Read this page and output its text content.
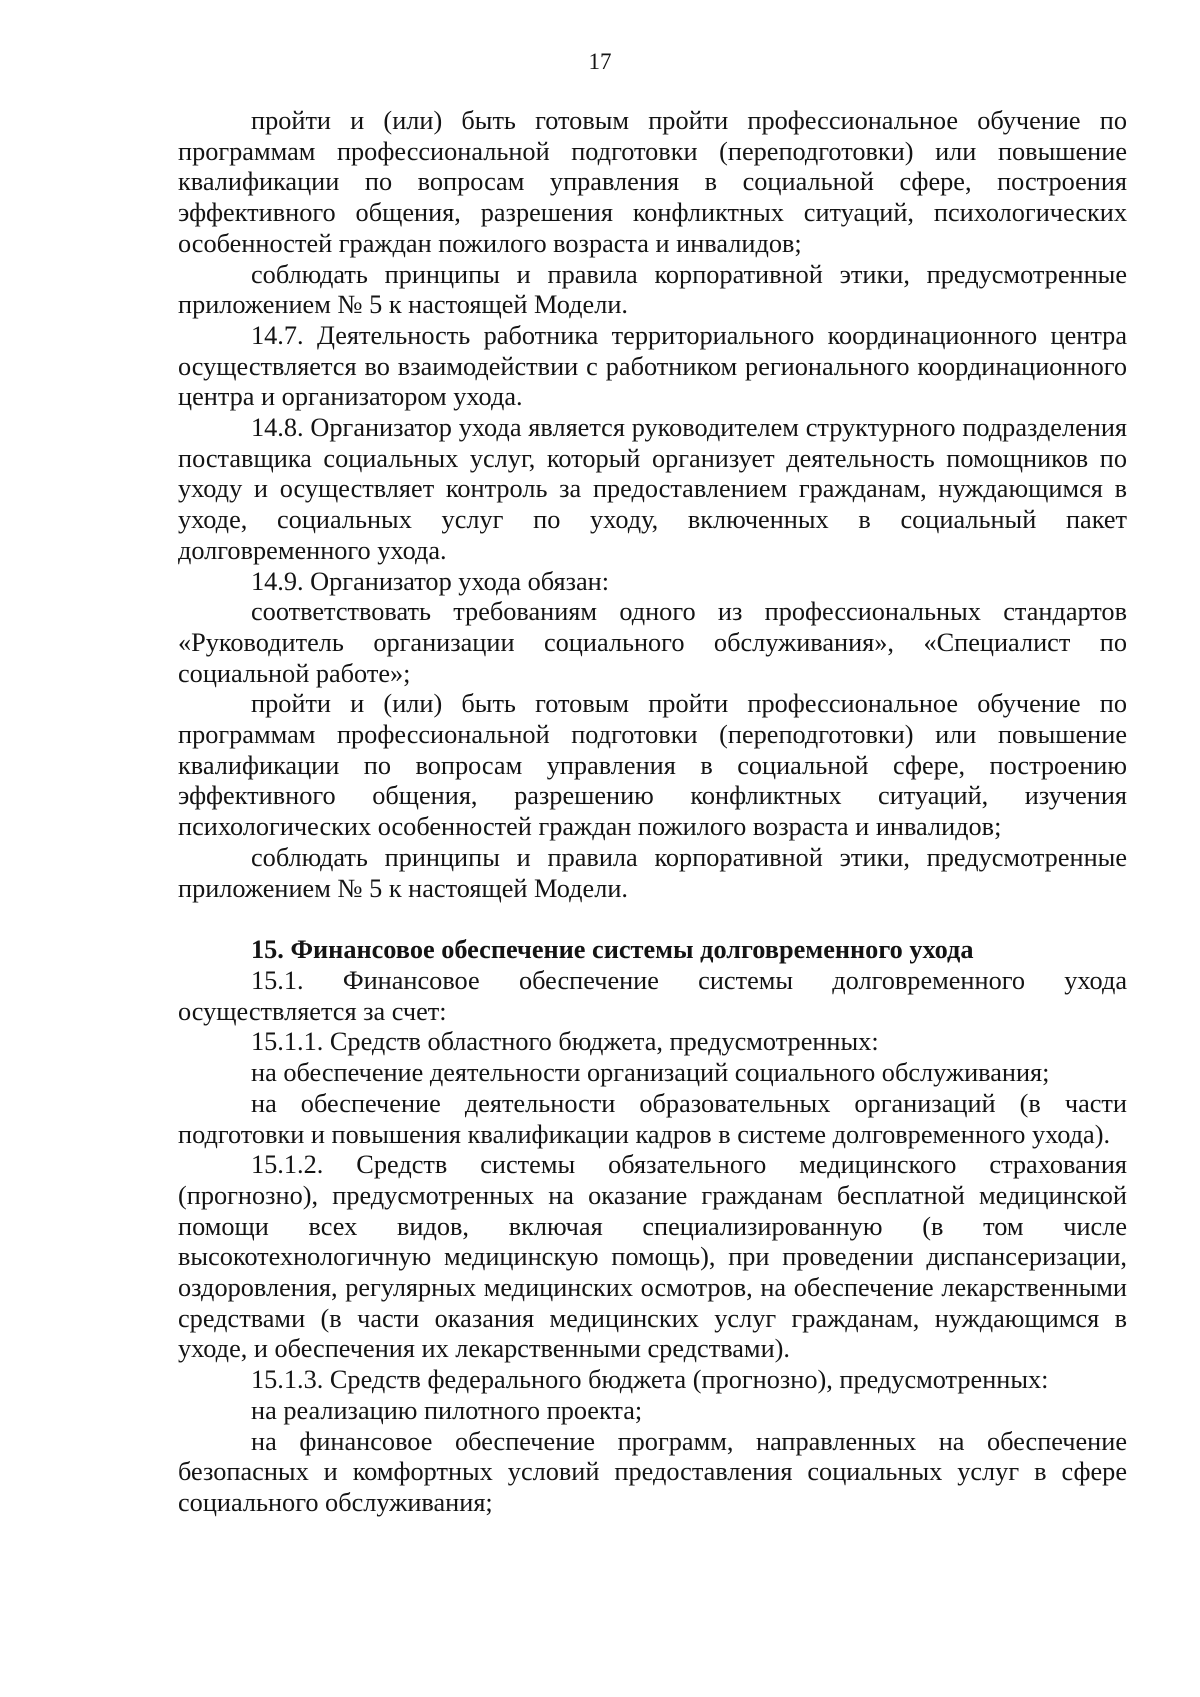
17

пройти и (или) быть готовым пройти профессиональное обучение по программам профессиональной подготовки (переподготовки) или повышение квалификации по вопросам управления в социальной сфере, построения эффективного общения, разрешения конфликтных ситуаций, психологических особенностей граждан пожилого возраста и инвалидов;

соблюдать принципы и правила корпоративной этики, предусмотренные приложением № 5 к настоящей Модели.

14.7. Деятельность работника территориального координационного центра осуществляется во взаимодействии с работником регионального координационного центра и организатором ухода.

14.8. Организатор ухода является руководителем структурного подразделения поставщика социальных услуг, который организует деятельность помощников по уходу и осуществляет контроль за предоставлением гражданам, нуждающимся в уходе, социальных услуг по уходу, включенных в социальный пакет долговременного ухода.

14.9. Организатор ухода обязан:

соответствовать требованиям одного из профессиональных стандартов «Руководитель организации социального обслуживания», «Специалист по социальной работе»;

пройти и (или) быть готовым пройти профессиональное обучение по программам профессиональной подготовки (переподготовки) или повышение квалификации по вопросам управления в социальной сфере, построению эффективного общения, разрешению конфликтных ситуаций, изучения психологических особенностей граждан пожилого возраста и инвалидов;

соблюдать принципы и правила корпоративной этики, предусмотренные приложением № 5 к настоящей Модели.

15. Финансовое обеспечение системы долговременного ухода

15.1. Финансовое обеспечение системы долговременного ухода осуществляется за счет:

15.1.1. Средств областного бюджета, предусмотренных:

на обеспечение деятельности организаций социального обслуживания;

на обеспечение деятельности образовательных организаций (в части подготовки и повышения квалификации кадров в системе долговременного ухода).

15.1.2. Средств системы обязательного медицинского страхования (прогнозно), предусмотренных на оказание гражданам бесплатной медицинской помощи всех видов, включая специализированную (в том числе высокотехнологичную медицинскую помощь), при проведении диспансеризации, оздоровления, регулярных медицинских осмотров, на обеспечение лекарственными средствами (в части оказания медицинских услуг гражданам, нуждающимся в уходе, и обеспечения их лекарственными средствами).

15.1.3. Средств федерального бюджета (прогнозно), предусмотренных:

на реализацию пилотного проекта;

на финансовое обеспечение программ, направленных на обеспечение безопасных и комфортных условий предоставления социальных услуг в сфере социального обслуживания;
